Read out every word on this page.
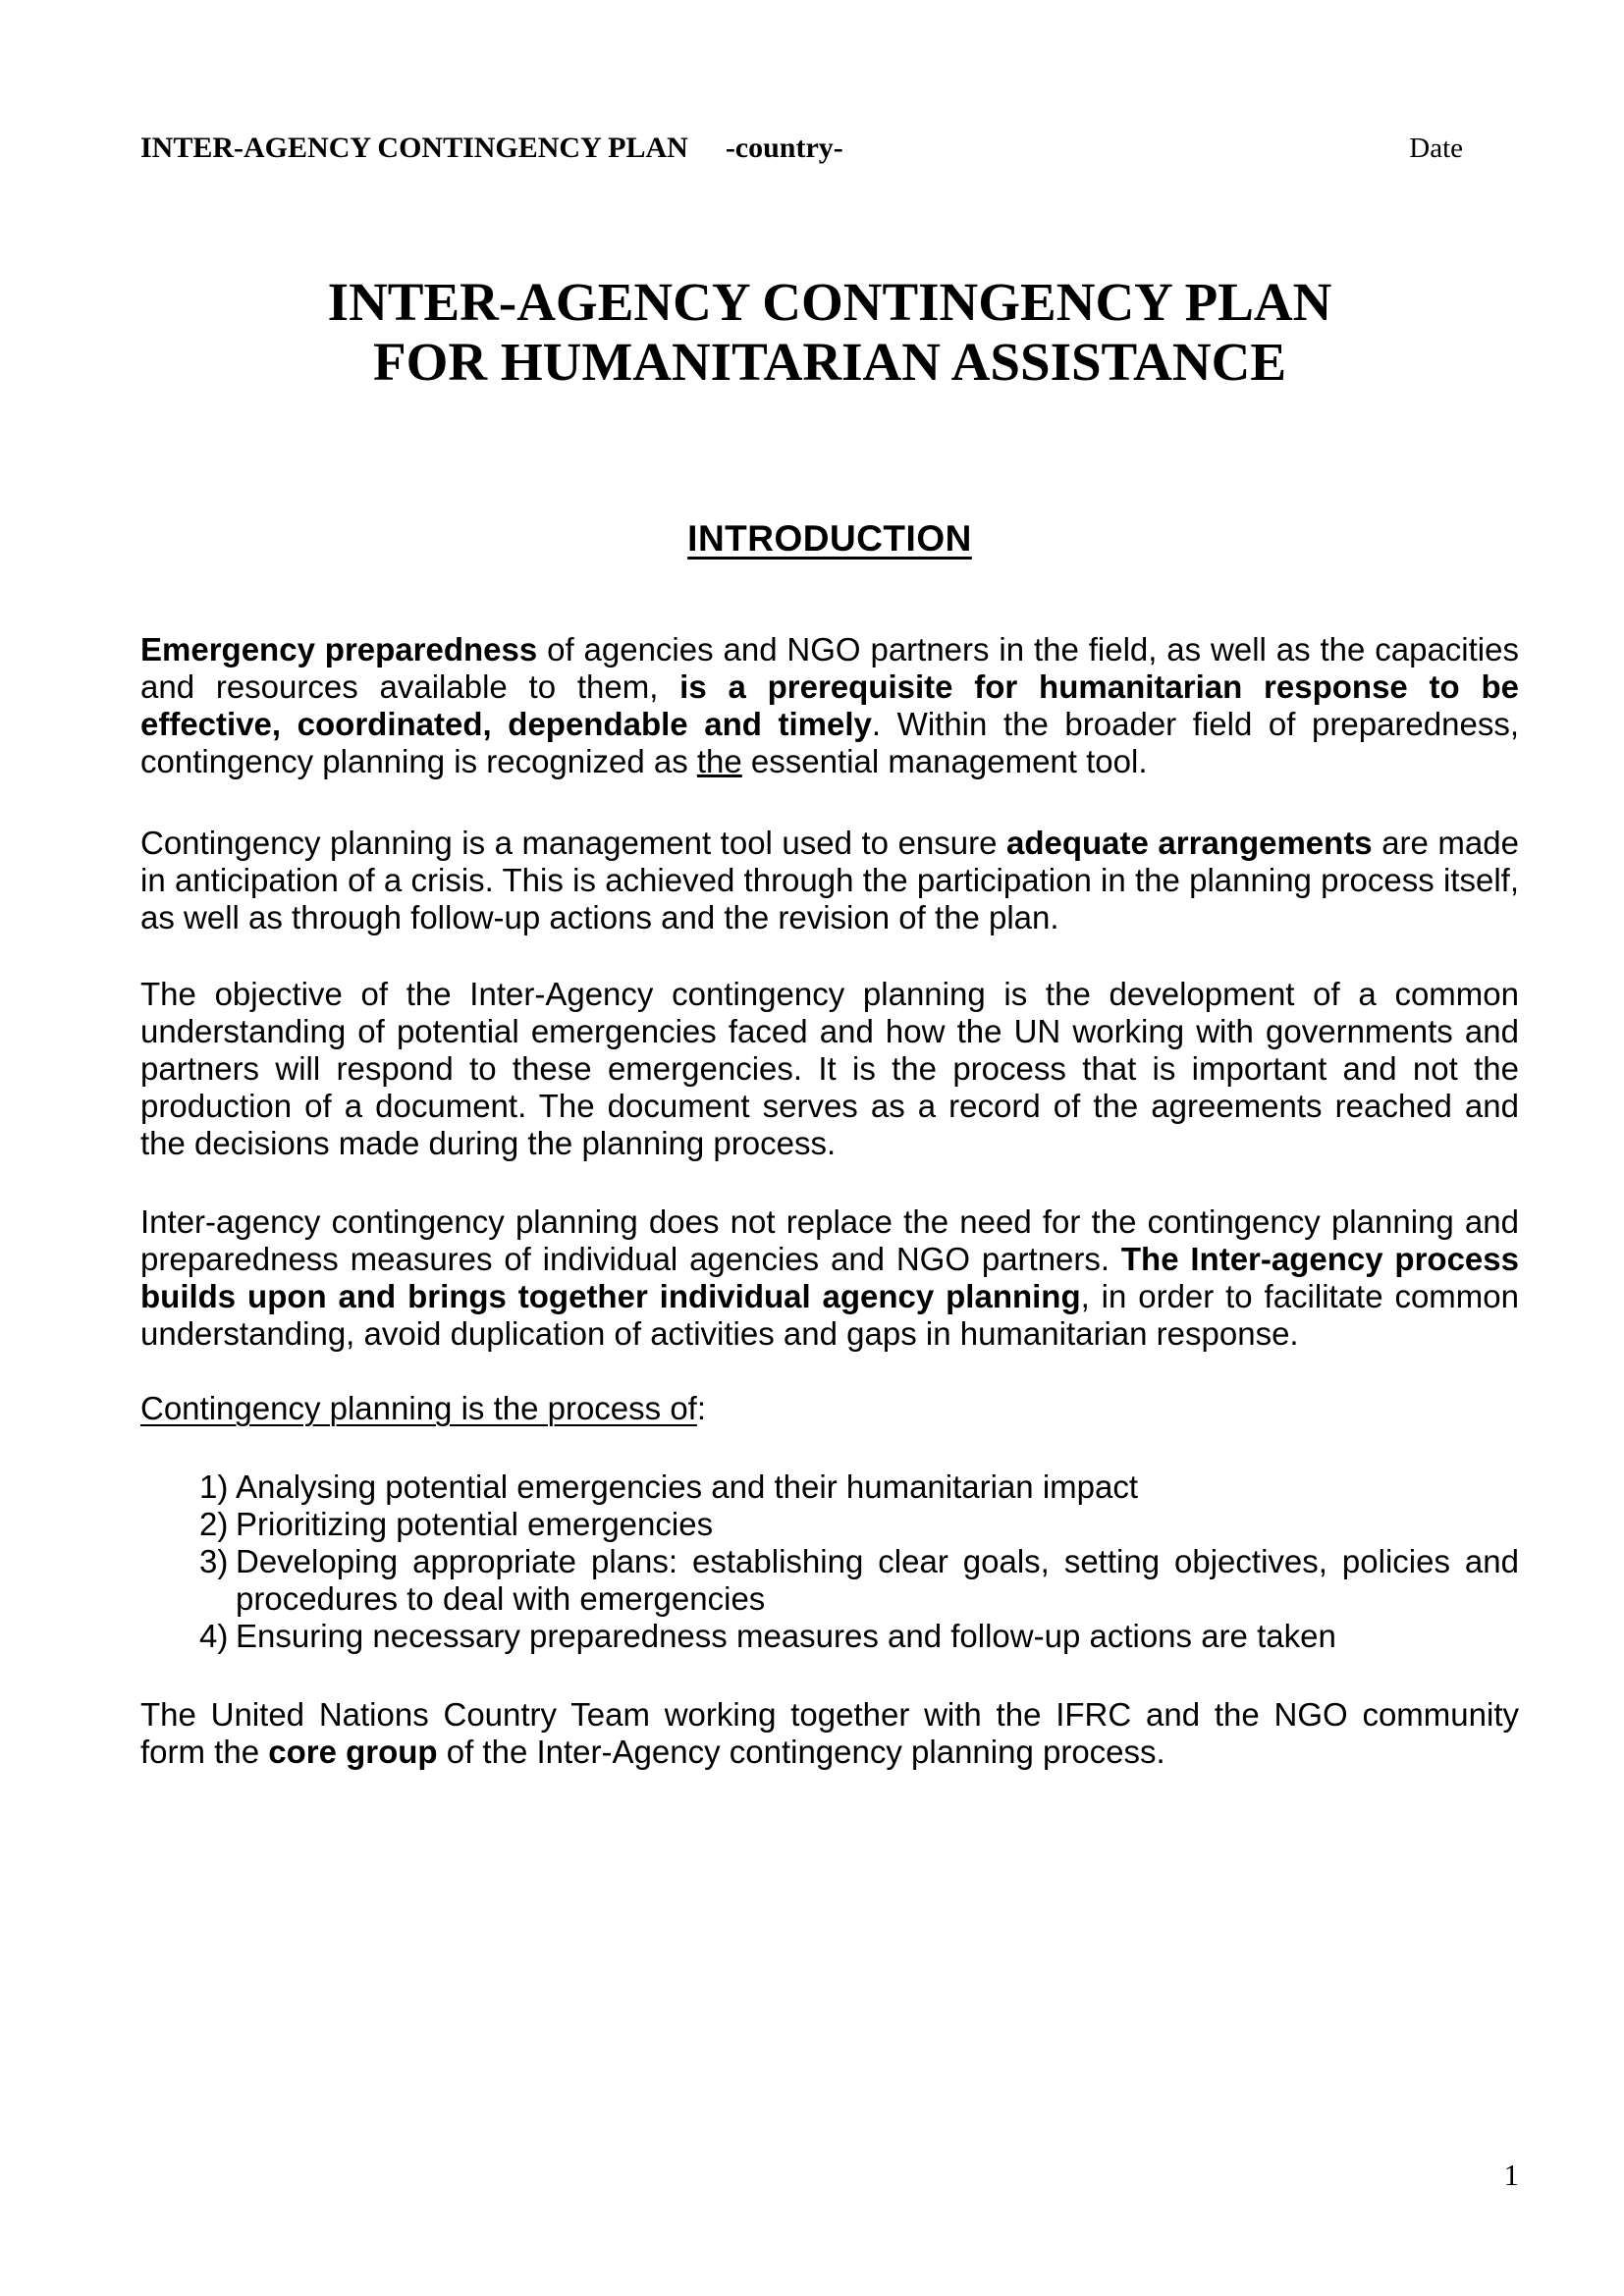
INTER-AGENCY CONTINGENCY PLAN -country-	Date
INTER-AGENCY CONTINGENCY PLAN
FOR HUMANITARIAN ASSISTANCE
INTRODUCTION

Emergency preparedness of agencies and NGO partners in the field, as well as the capacities and resources available to them, is a prerequisite for humanitarian response to be effective, coordinated, dependable and timely. Within the broader field of preparedness, contingency planning is recognized as the essential management tool.

Contingency planning is a management tool used to ensure adequate arrangements are made in anticipation of a crisis. This is achieved through the participation in the planning process itself, as well as through follow-up actions and the revision of the plan.

The objective of the Inter-Agency contingency planning is the development of a common understanding of potential emergencies faced and how the UN working with governments and partners will respond to these emergencies. It is the process that is important and not the production of a document. The document serves as a record of the agreements reached and the decisions made during the planning process.

Inter-agency contingency planning does not replace the need for the contingency planning and preparedness measures of individual agencies and NGO partners. The Inter-agency process builds upon and brings together individual agency planning, in order to facilitate common understanding, avoid duplication of activities and gaps in humanitarian response.

Contingency planning is the process of:

1) Analysing potential emergencies and their humanitarian impact
2) Prioritizing potential emergencies
3) Developing appropriate plans: establishing clear goals, setting objectives, policies and procedures to deal with emergencies
4) Ensuring necessary preparedness measures and follow-up actions are taken

The United Nations Country Team working together with the IFRC and the NGO community form the core group of the Inter-Agency contingency planning process.

1
